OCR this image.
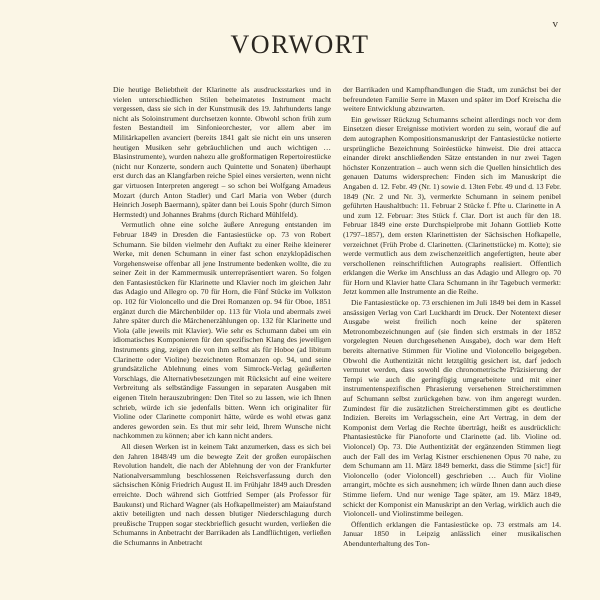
v
VORWORT

Die heutige Beliebtheit der Klarinette als ausdrucksstarkes und in vielen unterschiedlichen Stilen beheimatetes Instrument macht vergessen, dass sie sich in der Kunstmusik des 19. Jahrhunderts lange nicht als Soloinstrument durchsetzen konnte. Obwohl schon früh zum festen Bestandteil im Sinfonieorchester, vor allem aber im Militärkapellen avanciert (bereits 1841 galt sie nicht ein uns unseren heutigen Musiken sehr gebräuchlichen und auch wichtigen … Blasinstrumente), wurden nahezu alle großformatigen Repertoirestücke (nicht nur Konzerte, sondern auch Quintette und Sonaten) überhaupt erst durch das an Klangfarben reiche Spiel eines versierten, wenn nicht gar virtuosen Interpreten angeregt – so schon bei Wolfgang Amadeus Mozart (durch Anton Stadler) und Carl Maria von Weber (durch Heinrich Joseph Baermann), später dann bei Louis Spohr (durch Simon Hermstedt) und Johannes Brahms (durch Richard Mühlfeld).

Vermutlich ohne eine solche äußere Anregung entstanden im Februar 1849 in Dresden die Fantasiestücke op. 73 von Robert Schumann. Sie bilden vielmehr den Auftakt zu einer Reihe kleinerer Werke, mit denen Schumann in einer fast schon enzyklopädischen Vorgehensweise offenbar all jene Instrumente bedenken wollte, die zu seiner Zeit in der Kammermusik unterrepräsentiert waren. So folgen den Fantasiestücken für Klarinette und Klavier noch im gleichen Jahr das Adagio und Allegro op. 70 für Horn, die Fünf Stücke im Volkston op. 102 für Violoncello und die Drei Romanzen op. 94 für Oboe, 1851 ergänzt durch die Märchenbilder op. 113 für Viola und abermals zwei Jahre später durch die Märchenerzählungen op. 132 für Klarinette und Viola (alle jeweils mit Klavier). Wie sehr es Schumann dabei um ein idiomatisches Komponieren für den spezifischen Klang des jeweiligen Instruments ging, zeigen die von ihm selbst als für Hoboe (ad libitum Clarinette oder Violine) bezeichneten Romanzen op. 94, und seine grundsätzliche Ablehnung eines vom Simrock-Verlag geäußerten Vorschlags, die Alternativbesetzungen mit Rücksicht auf eine weitere Verbreitung als selbständige Fassungen in separaten Ausgaben mit eigenen Titeln herauszubringen: Den Titel so zu lassen, wie ich Ihnen schrieb, würde ich sie jedenfalls bitten. Wenn ich originaliter für Violine oder Clarinette componirt hätte, würde es wohl etwas ganz anderes geworden sein. Es thut mir sehr leid, Ihrem Wunsche nicht nachkommen zu können; aber ich kann nicht anders.

All diesen Werken ist in keinem Takt anzumerken, dass es sich bei den Jahren 1848/49 um die bewegte Zeit der großen europäischen Revolution handelt, die nach der Ablehnung der von der Frankfurter Nationalversammlung beschlossenen Reichsverfassung durch den sächsischen König Friedrich August II. im Frühjahr 1849 auch Dresden erreichte. Doch während sich Gottfried Semper (als Professor für Baukunst) und Richard Wagner (als Hofkapellmeister) am Maiaufstand aktiv beteiligten und nach dessen blutiger Niederschlagung durch preußische Truppen sogar steckbrieflich gesucht wurden, verließen die Schumanns in Anbetracht der Barrikaden als Landflüchtigen, verließen die Schumanns in Anbetracht

der Barrikaden und Kampfhandlungen die Stadt, um zunächst bei der befreundeten Familie Serre in Maxen und später im Dorf Kreischa die weitere Entwicklung abzuwarten.

Ein gewisser Rückzug Schumanns scheint allerdings noch vor dem Einsetzen dieser Ereignisse motiviert worden zu sein, worauf die auf dem autographen Kompositionsmanuskript der Fantasiestücke notierte ursprüngliche Bezeichnung Soiréestücke hinweist. Die drei attacca einander direkt anschließenden Sätze entstanden in nur zwei Tagen höchster Konzentration – auch wenn sich die Quellen hinsichtlich des genauen Datums widersprechen: Finden sich im Manuskript die Angaben d. 12. Febr. 49 (Nr. 1) sowie d. 13ten Febr. 49 und d. 13 Febr. 1849 (Nr. 2 und Nr. 3), vermerkte Schumann in seinem penibel geführten Haushaltbuch: 11. Februar 2 Stücke f. Pfte u. Clarinette in A und zum 12. Februar: 3tes Stück f. Clar. Dort ist auch für den 18. Februar 1849 eine erste Durchspielprobe mit Johann Gottlieb Kotte (1797–1857), dem ersten Klarinettisten der Sächsischen Hofkapelle, verzeichnet (Früh Probe d. Clarinetten. (Clarinettstücke) m. Kotte); sie werde vermutlich aus dem zwischenzeitlich angefertigten, heute aber verschollenen reinschriftlichen Autographs realisiert. Öffentlich erklangen die Werke im Anschluss an das Adagio und Allegro op. 70 für Horn und Klavier hatte Clara Schumann in ihr Tagebuch vermerkt: Jetzt kommen alle Instrumente an die Reihe.

Die Fantasiestücke op. 73 erschienen im Juli 1849 bei dem in Kassel ansässigen Verlag von Carl Luckhardt im Druck. Der Notentext dieser Ausgabe weist freilich noch keine der späteren Metronombezeichnungen auf (sie finden sich erstmals in der 1852 vorgelegten Neuen durchgesehenen Ausgabe), doch war dem Heft bereits alternative Stimmen für Violine und Violoncello beigegeben. Obwohl die Authentizität nicht letztgültig gesichert ist, darf jedoch vermutet werden, dass sowohl die chronometrische Präzisierung der Tempi wie auch die geringfügig umgearbeitete und mit einer instrumentenspezifischen Phrasierung versehenen Streicherstimmen auf Schumann selbst zurückgehen bzw. von ihm angeregt wurden. Zumindest für die zusätzlichen Streicherstimmen gibt es deutliche Indizien. Bereits im Verlagsschein, eine Art Vertrag, in dem der Komponist dem Verlag die Rechte überträgt, heißt es ausdrücklich: Phantasiestücke für Pianoforte und Clarinette (ad. lib. Violine od. Violoncel) Op. 73. Die Authentizität der ergänzenden Stimmen liegt auch der Fall des im Verlag Kistner erschienenen Opus 70 nahe, zu dem Schumann am 11. März 1849 bemerkt, dass die Stimme [sic!] für Violoncello (oder Violoncell) geschrieben … Auch für Violine arrangirt, möchte es sich ausnehmen; ich würde Ihnen dann auch diese Stimme liefern. Und nur wenige Tage später, am 19. März 1849, schickt der Komponist ein Manuskript an den Verlag, wirklich auch die Violoncell- und Violinstimme beilegen.

Öffentlich erklangen die Fantasiestücke op. 73 erstmals am 14. Januar 1850 in Leipzig anlässlich einer musikalischen Abendunterhaltung des Ton-
